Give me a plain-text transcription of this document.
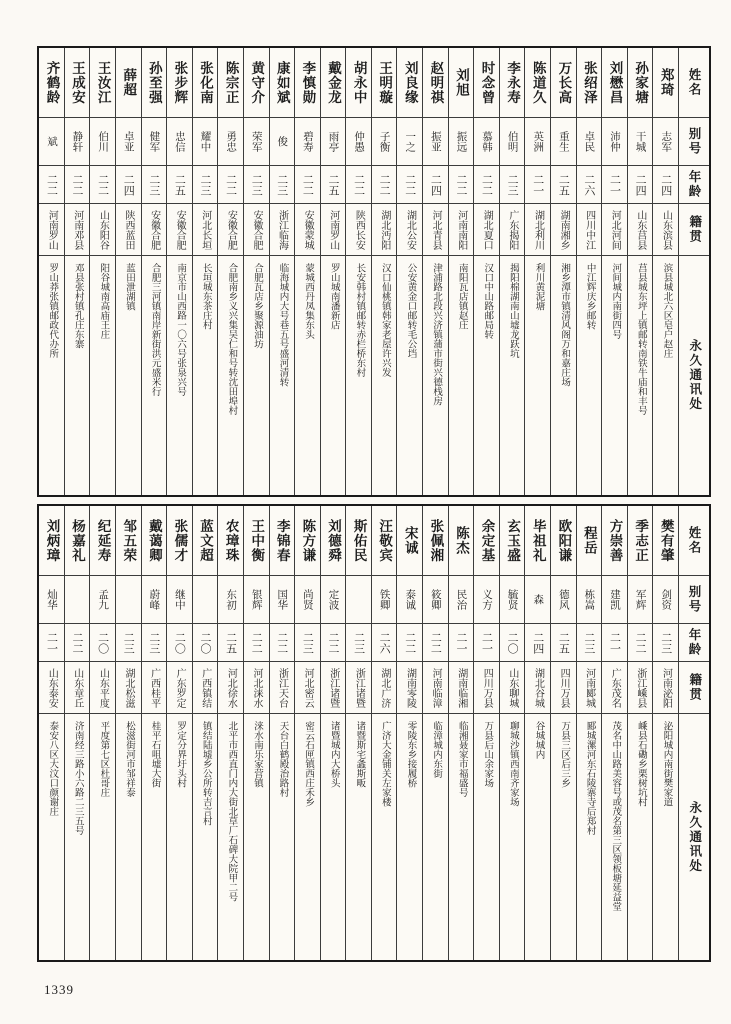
姓名
别号
年龄
籍贯
永久通讯处
郑琦
志军
二四
山东滨县
滨县城北六区皂户赵庄
孙家塘
干城
二四
山东莒县
莒县城东坪上镇邮转南铁牛庙和丰号
刘懋昌
沛仲
二一
河北河间
河间城内南街四号
张绍泽
卓民
二六
四川中江
中江辉庆乡邮转
万长高
重生
二五
湖南湘乡
湘乡潭市镇清风阁万和嘉庄场
陈道久
英洲
二一
湖北利川
利川黄泥塘
李永寿
伯明
二三
广东揭阳
揭阳棉湖南山墟龙跃坑
时念曾
慕韩
二二
湖北夏口
汉口中山路邮局转
刘旭
振远
二二
河南南阳
南阳瓦店镇赵庄
赵明祺
振亚
二四
河北青县
津浦路北段兴济镇蒲市街兴德栈房
刘良缘
一之
二二
湖北公安
公安黄金口邮转毛公垱
王明璇
子衡
二二
湖北沔阳
汉口仙桃镇韩家老屋许兴发
胡永中
仲愚
二二
陕西长安
长安韩村镇邮转赤栏桥东村
戴金龙
雨亭
二五
河南罗山
罗山城南潘新店
李慎勋
碧寿
二二
安徽蒙城
蒙城西丹凤集东头
康如斌
俊
二三
浙江临海
临海城内大号巷五号盛河清转
黄守介
荣军
二三
安徽合肥
合肥瓦店乡聚源油坊
陈宗正
勇忠
二二
安徽合肥
合肥南乡义兴集吴仁和号转沈田埠村
张化南
耀中
二三
河北长垣
长垣城东茶庄村
张步辉
忠信
二五
安徽合肥
南京市山西路一〇六号张泉兴号
孙至强
健军
二三
安徽合肥
合肥三河镇南岸新街洪元盛米行
薛超
卓亚
二四
陕西蓝田
蓝田泄湖镇
王汝江
伯川
二二
山东阳谷
阳谷城南高庙王庄
王成安
静轩
二二
河南邓县
邓县张村镇孔庄东寨
齐鹤龄
斌
二二
河南罗山
罗山莽张镇邮政代办所
姓名
别号
年龄
籍贯
永久通讯处
樊有肇
剑资
二三
河南泌阳
泌阳城内南街樊家道
季志正
军辉
二二
浙江嵊县
嵊县石磡乡栗树坑村
方崇善
建凯
二一
广东茂名
茂名中山路美容号或茂名第三区领板塘延益堂
程岳
栋嵩
二三
河南郾城
郾城漯河东石陵寨寺后郑村
欧阳谦
德风
二五
四川万县
万县三区后三乡
毕祖礼
森
二四
湖北谷城
谷城城内
玄玉盛
毓贤
二〇
山东聊城
聊城沙镇西南齐家场
余定基
义方
二一
四川万县
万县后山余家场
陈杰
民治
二一
湖南临湘
临湘聂家市福盛号
张佩湘
筱卿
二二
河南临漳
临漳城内东街
宋诚
泰诚
二二
湖南零陵
零陵东乡接履桥
汪敬宾
铁卿
二六
湖北广济
广济大金铺关左家楼
斯佑民
二三
浙江诸暨
诸暨斯宅螽斯畈
刘德舜
定波
二二
浙江诸暨
诸暨城内大桥头
陈方谦
尚贤
二三
河北密云
密云石匣镇西庄禾乡
李锦春
国华
二二
浙江天台
天台白鹤殿治路村
王中衡
银辉
二二
河北涞水
涞水南乐家营镇
农璋珠
东初
二五
河北徐水
北平市西直门内大街北草厂石碑大院甲二号
蓝文超
二〇
广西镇结
镇结陆墟乡公所转吉言村
张儒才
继中
二〇
广东罗定
罗定分界圩头村
戴蔼卿
蔚峰
二三
广西桂平
桂平石咀墟大街
邹五荣
二三
湖北松滋
松滋街河市邹祥泰
纪延寿
孟九
二〇
山东平度
平度第七区杜哥庄
杨嘉礼
二二
山东章丘
济南经三路小六路二三五号
刘炳璋
灿华
二一
山东泰安
泰安八区大汶口颜谢庄
1339
